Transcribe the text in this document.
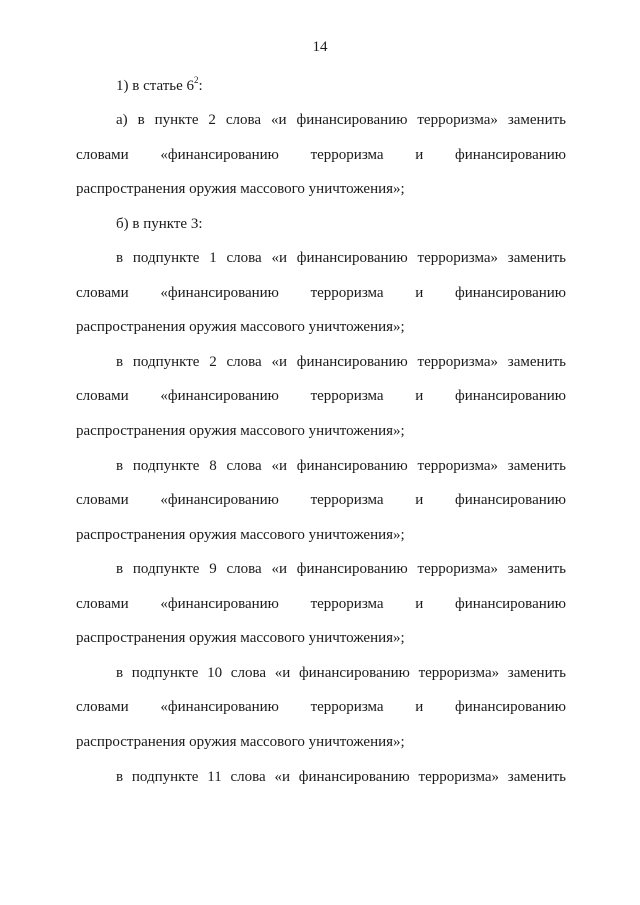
14
1) в статье $6^2$:
а) в пункте 2 слова «и финансированию терроризма» заменить
словами «финансированию терроризма и финансированию
распространения оружия массового уничтожения»;
б) в пункте 3:
в подпункте 1 слова «и финансированию терроризма» заменить
словами «финансированию терроризма и финансированию
распространения оружия массового уничтожения»;
в подпункте 2 слова «и финансированию терроризма» заменить
словами «финансированию терроризма и финансированию
распространения оружия массового уничтожения»;
в подпункте 8 слова «и финансированию терроризма» заменить
словами «финансированию терроризма и финансированию
распространения оружия массового уничтожения»;
в подпункте 9 слова «и финансированию терроризма» заменить
словами «финансированию терроризма и финансированию
распространения оружия массового уничтожения»;
в подпункте 10 слова «и финансированию терроризма» заменить
словами «финансированию терроризма и финансированию
распространения оружия массового уничтожения»;
в подпункте 11 слова «и финансированию терроризма» заменить
